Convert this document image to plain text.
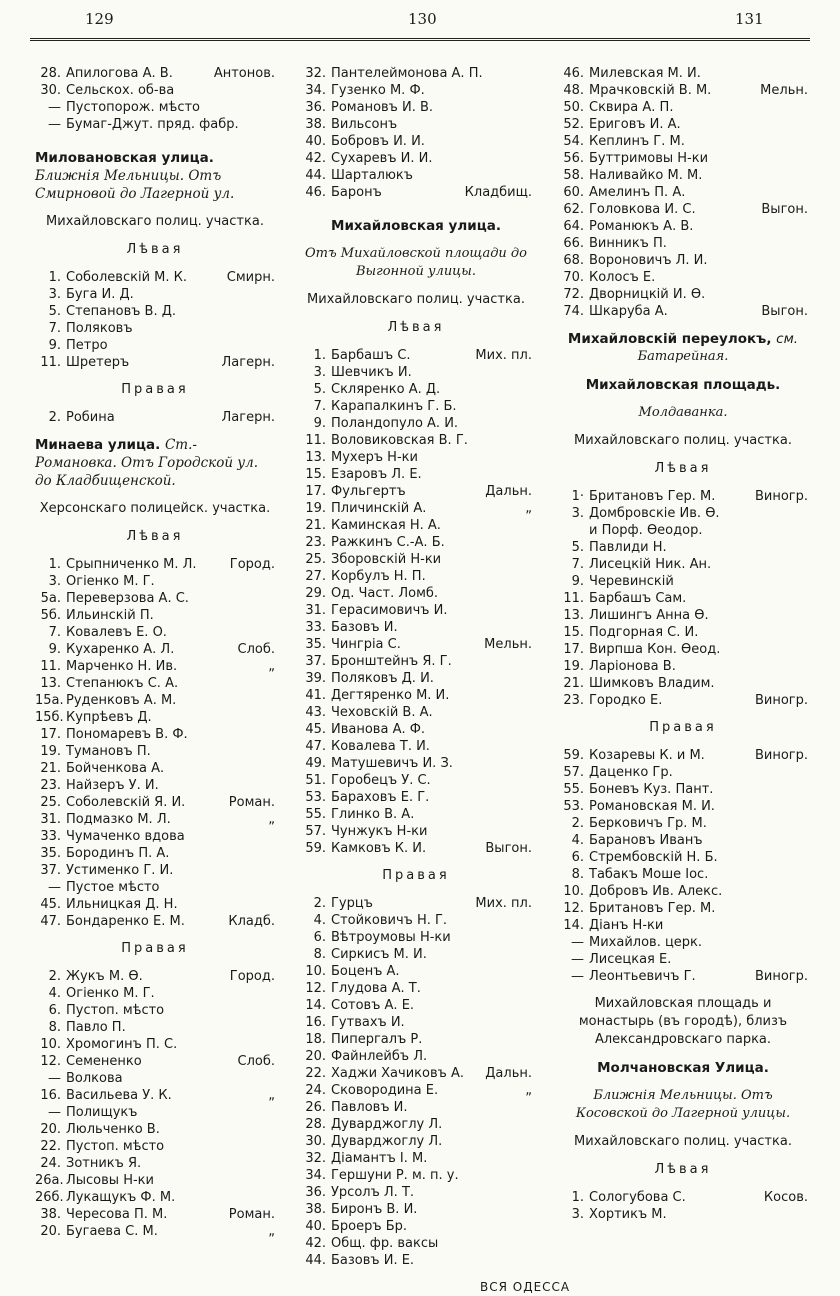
129	130	131
28. Апилогова А. В.	Антонов.
30. Сельскох. об-ва
— Пустопорож. мѣсто
— Бумаг-Джут. пряд. фабр.
Миловановская улица. Ближнія Мельницы. Отъ Смирновой до Лагерной ул.
Михайловскаго полиц. участка.
Лѣвая
1. Соболевскій М. К.	Смирн.
3. Буга И. Д.
5. Степановъ В. Д.
7. Поляковъ
9. Петро
11. Шретеръ	Лагерн.
Правая
2. Робина	Лагерн.
Минаева улица. Ст.-Романовка. Отъ Городской ул. до Кладбищенской.
Херсонскаго полицейск. участка.
Лѣвая
1. Срыпниченко М. Л.	Город.
3. Огіенко М. Г.
5а. Переверзова А. С.
5б. Ильинскій П.
7. Ковалевъ Е. О.
9. Кухаренко А. Л.	Слоб.
11. Марченко Н. Ив.	„
13. Степанюкъ С. А.
15а. Руденковъ А. М.
15б. Купрѣевъ Д.
17. Пономаревъ В. Ф.
19. Тумановъ П.
21. Бойченкова А.
23. Найзеръ У. И.
25. Соболевскій Я. И.	Роман.
31. Подмазко М. Л.	„
33. Чумаченко вдова
35. Бородинъ П. А.
37. Устименко Г. И.
— Пустое мѣсто
45. Ильницкая Д. Н.
47. Бондаренко Е. М.	Кладб.
Правая
2. Жукъ М. Ѳ.	Город.
4. Огіенко М. Г.
6. Пустоп. мѣсто
8. Павло П.
10. Хромогинъ П. С.
12. Семененко	Слоб.
— Волкова
16. Васильева У. К.	„
— Полищукъ
20. Люльченко В.
22. Пустоп. мѣсто
24. Зотникъ Я.
26а. Лысовы Н-ки
26б. Лукащукъ Ф. М.
38. Чересова П. М.	Роман.
20. Бугаева С. М.	„
32. Пантелеймонова А. П.
34. Гузенко М. Ф.
36. Романовъ И. В.
38. Вильсонъ
40. Бобровъ И. И.
42. Сухаревъ И. И.
44. Шарталюкъ
46. Баронъ	Кладбищ.
Михайловская улица.
Отъ Михайловской площади до Выгонной улицы.
Михайловскаго полиц. участка.
Лѣвая
1. Барбашъ С.	Мих. пл.
3. Шевчикъ И.
5. Скляренко А. Д.
7. Карапалкинъ Г. Б.
9. Поландопуло А. И.
11. Воловиковская В. Г.
13. Мухеръ Н-ки
15. Езаровъ Л. Е.
17. Фульгертъ	Дальн.
19. Пличинскій А.	„
21. Каминская Н. А.
23. Ражкинъ С.-А. Б.
25. Зборовскій Н-ки
27. Корбулъ Н. П.
29. Од. Част. Ломб.
31. Герасимовичъ И.
33. Базовъ И.
35. Чингріа С.	Мельн.
37. Бронштейнъ Я. Г.
39. Поляковъ Д. И.
41. Дегтяренко М. И.
43. Чеховскій В. А.
45. Иванова А. Ф.
47. Ковалева Т. И.
49. Матушевичъ И. З.
51. Горобецъ У. С.
53. Бараховъ Е. Г.
55. Глинко В. А.
57. Чунжукъ Н-ки
59. Камковъ К. И.	Выгон.
Правая
2. Гурцъ	Мих. пл.
4. Стойковичъ Н. Г.
6. Вѣтроумовы Н-ки
8. Сиркисъ М. И.
10. Боценъ А.
12. Глудова А. Т.
14. Сотовъ А. Е.
16. Гутвахъ И.
18. Пипергалъ Р.
20. Файнлейбъ Л.
22. Хаджи Хачиковъ А. Дальн.
24. Сковородина Е.	„
26. Павловъ И.
28. Дуварджоглу Л.
30. Дуварджоглу Л.
32. Діамантъ І. М.
34. Гершуни Р. м. п. у.
36. Урсолъ Л. Т.
38. Биронъ В. И.
40. Броеръ Бр.
42. Общ. фр. ваксы
44. Базовъ И. Е.
46. Милевская М. И.
48. Мрачковскій В. М.	Мельн.
50. Сквира А. П.
52. Ериговъ И. А.
54. Кеплинъ Г. М.
56. Буттримовы Н-ки
58. Наливайко М. М.
60. Амелинъ П. А.
62. Головкова И. С.	Выгон.
64. Романюкъ А. В.
66. Винникъ П.
68. Вороновичъ Л. И.
70. Колосъ Е.
72. Дворницкій И. Ѳ.
74. Шкаруба А.	Выгон.
Михайловскій переулокъ, см.
Батарейная.
Михайловская площадь.
Молдаванка.
Михайловскаго полиц. участка.
Лѣвая
1· Британовъ Гер. М.	Виногр.
3. Домбровскіе Ив. Ѳ.
и Порф. Ѳеодор.
5. Павлиди Н.
7. Лисецкій Ник. Ан.
9. Черевинскій
11. Барбашъ Сам.
13. Лишингъ Анна Ѳ.
15. Подгорная С. И.
17. Вирпша Кон. Ѳеод.
19. Ларіонова В.
21. Шимковъ Владим.
23. Городко Е.	Виногр.
Правая
59. Козаревы К. и М.	Виногр.
57. Даценко Гр.
55. Боневъ Куз. Пант.
53. Романовская М. И.
2. Берковичъ Гр. М.
4. Барановъ Иванъ
6. Стрембовскій Н. Б.
8. Табакъ Моше Іос.
10. Добровъ Ив. Алекс.
12. Британовъ Гер. М.
14. Діанъ Н-ки
— Михайлов. церк.
— Лисецкая Е.
— Леонтьевичъ Г.	Виногр.
Михайловская площадь и монастырь (въ городѣ), близъ Александровскаго парка.
Молчановская Улица.
Ближнія Мельницы. Отъ Косовской до Лагерной улицы.
Михайловскаго полиц. участка.
Лѣвая
1. Сологубова С.	Косов.
3. Хортикъ М.
ВСЯ ОДЕССА
